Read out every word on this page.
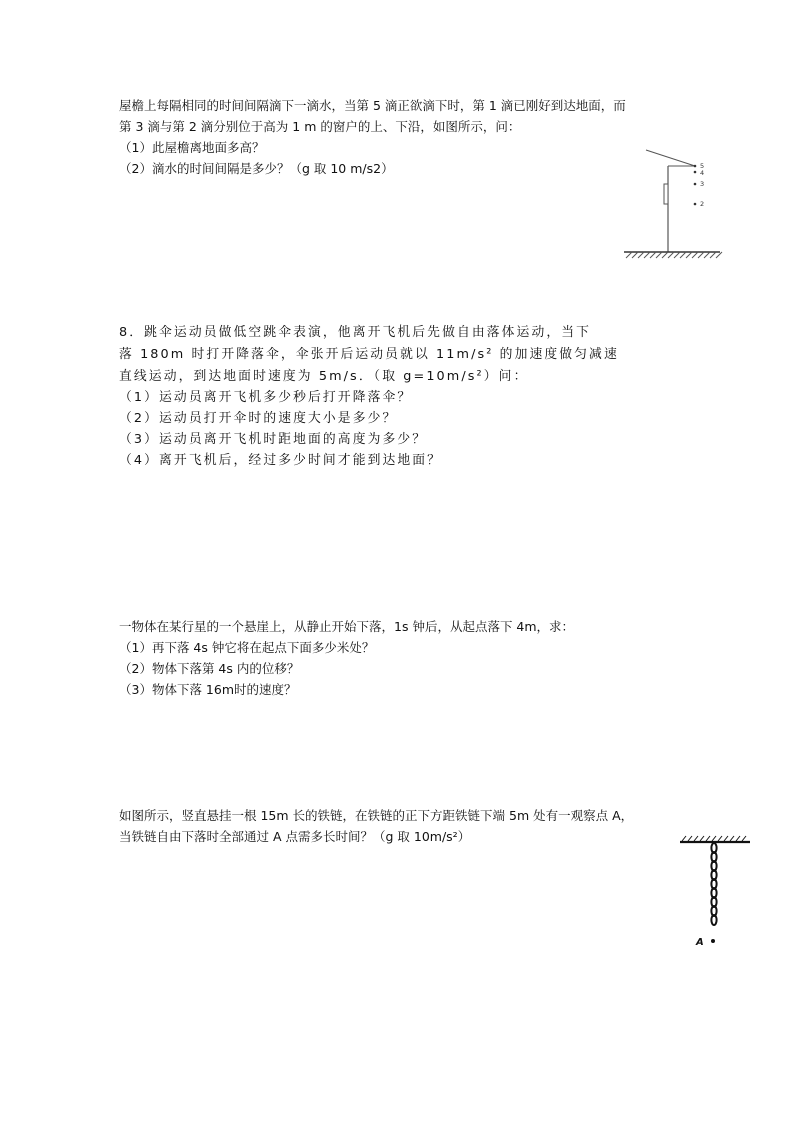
屋檐上每隔相同的时间间隔滴下一滴水，当第 5 滴正欲滴下时，第 1 滴已刚好到达地面，而
第 3 滴与第 2 滴分别位于高为 1 m 的窗户的上、下沿，如图所示，问：
（1）此屋檐离地面多高？
（2）滴水的时间间隔是多少？（g 取 10 m/s2）	5
4
3
2
8．跳伞运动员做低空跳伞表演，他离开飞机后先做自由落体运动，当下
落 180m 时打开降落伞，伞张开后运动员就以 11m/s² 的加速度做匀减速
直线运动，到达地面时速度为 5m/s．（取 g=10m/s²）问：
（1）运动员离开飞机多少秒后打开降落伞？
（2）运动员打开伞时的速度大小是多少？
（3）运动员离开飞机时距地面的高度为多少？
（4）离开飞机后，经过多少时间才能到达地面？
一物体在某行星的一个悬崖上，从静止开始下落，1s 钟后，从起点落下 4m，求：
（1）再下落 4s 钟它将在起点下面多少米处？
（2）物体下落第 4s 内的位移？
（3）物体下落 16m时的速度？
如图所示，竖直悬挂一根 15m 长的铁链，在铁链的正下方距铁链下端 5m 处有一观察点 A，
当铁链自由下落时全部通过 A 点需多长时间？（g 取 10m/s²）
A
